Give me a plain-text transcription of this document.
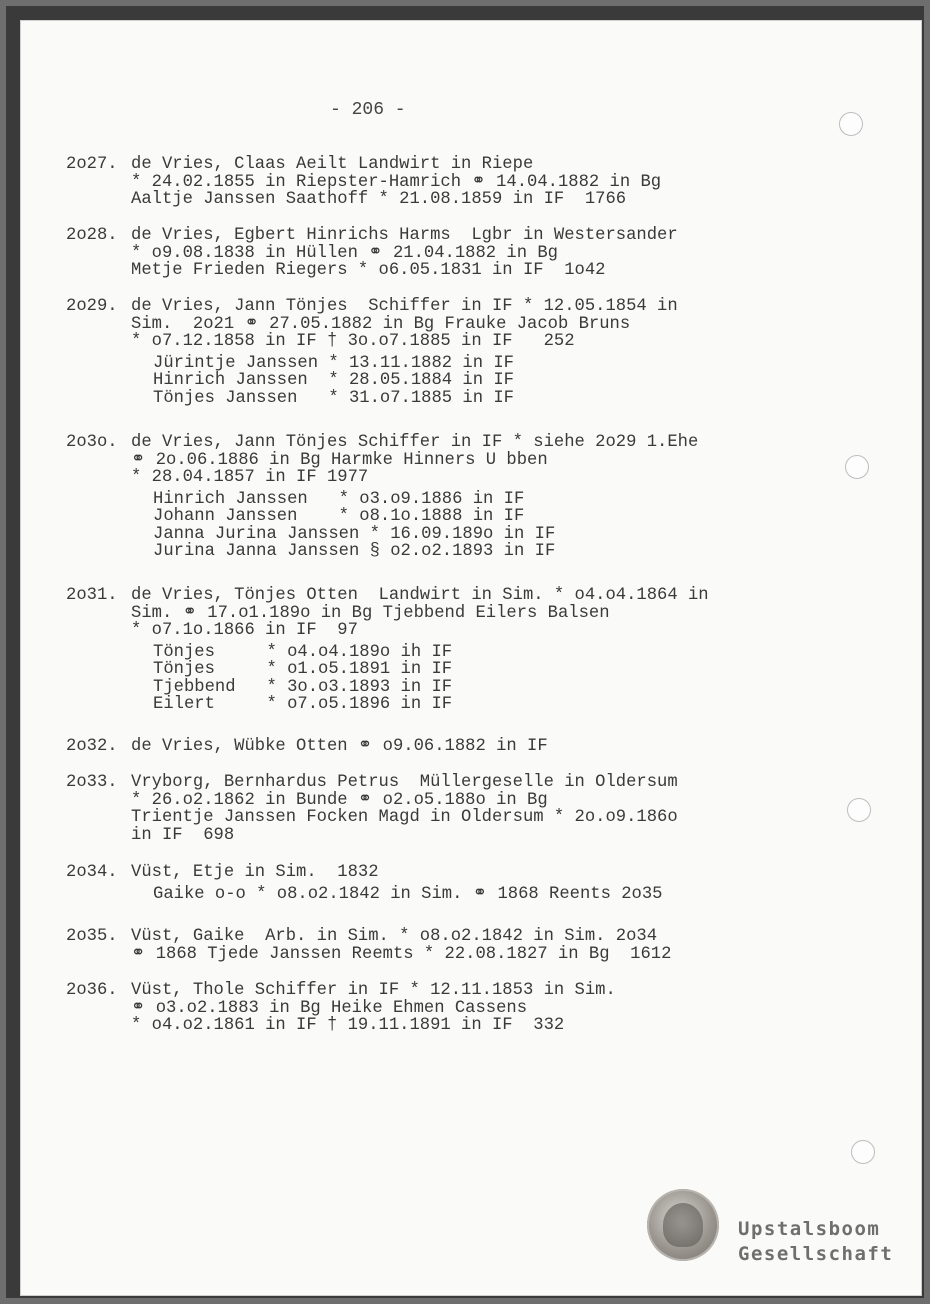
- 206 -
2o27. de Vries, Claas Aeilt Landwirt in Riepe
* 24.02.1855 in Riepster-Hamrich ⚭ 14.04.1882 in Bg
Aaltje Janssen Saathoff * 21.08.1859 in IF  1766
2o28. de Vries, Egbert Hinrichs Harms  Lgbr in Westersander
* o9.08.1838 in Hüllen ⚭ 21.04.1882 in Bg
Metje Frieden Riegers * o6.05.1831 in IF  1o42
2o29. de Vries, Jann Tönjes  Schiffer in IF * 12.05.1854 in
Sim.  2o21 ⚭ 27.05.1882 in Bg Frauke Jacob Bruns
* o7.12.1858 in IF † 3o.o7.1885 in IF   252
Jürintje Janssen * 13.11.1882 in IF
Hinrich Janssen  * 28.05.1884 in IF
Tönjes Janssen   * 31.o7.1885 in IF
2o3o. de Vries, Jann Tönjes Schiffer in IF * siehe 2o29 1.Ehe
⚭ 2o.06.1886 in Bg Harmke Hinners U bben
* 28.04.1857 in IF 1977
Hinrich Janssen   * o3.o9.1886 in IF
Johann Janssen    * o8.1o.1888 in IF
Janna Jurina Janssen * 16.09.189o in IF
Jurina Janna Janssen § o2.o2.1893 in IF
2o31. de Vries, Tönjes Otten  Landwirt in Sim. * o4.o4.1864 in
Sim. ⚭ 17.o1.189o in Bg Tjebbend Eilers Balsen
* o7.1o.1866 in IF  97
Tönjes     * o4.o4.189o ih IF
Tönjes     * o1.o5.1891 in IF
Tjebbend   * 3o.o3.1893 in IF
Eilert     * o7.o5.1896 in IF
2o32. de Vries, Wübke Otten ⚭ o9.06.1882 in IF
2o33. Vryborg, Bernhardus Petrus  Müllergeselle in Oldersum
* 26.o2.1862 in Bunde ⚭ o2.o5.188o in Bg
Trientje Janssen Focken Magd in Oldersum * 2o.o9.186o
in IF  698
2o34. Vüst, Etje in Sim.  1832
Gaike o-o * o8.o2.1842 in Sim. ⚭ 1868 Reents 2o35
2o35. Vüst, Gaike  Arb. in Sim. * o8.o2.1842 in Sim. 2o34
⚭ 1868 Tjede Janssen Reemts * 22.08.1827 in Bg  1612
2o36. Vüst, Thole Schiffer in IF * 12.11.1853 in Sim.
⚭ o3.o2.1883 in Bg Heike Ehmen Cassens
* o4.o2.1861 in IF † 19.11.1891 in IF  332
Upstalsboom
Gesellschaft
